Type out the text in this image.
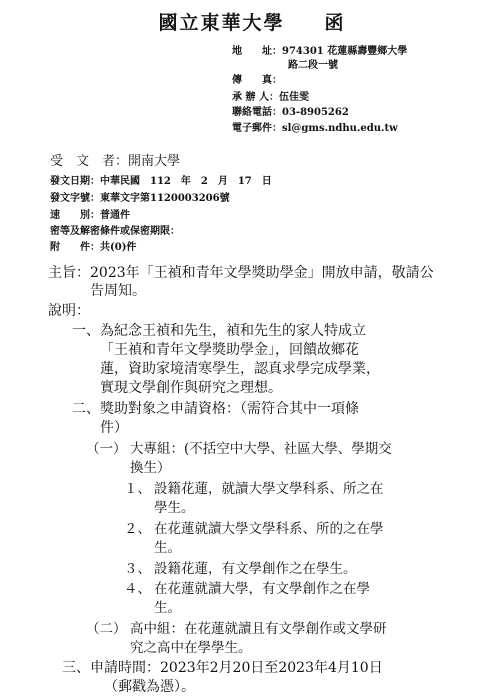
國立東華大學 函
地　　址：974301 花蓮縣壽豐鄉大學
路二段一號
傳　　真：
承 辦 人：伍佳雯
聯絡電話：03-8905262
電子郵件：sl@gms.ndhu.edu.tw
受　文　者：開南大學
發文日期：中華民國　112　年　2　月　17　日
發文字號：東華文字第1120003206號
速　　別：普通件
密等及解密條件或保密期限：
附　　件：共(0)件
主旨： 2023年「王禎和青年文學獎助學金」開放申請，敬請公
告周知。
說明：
一、 為紀念王禎和先生，禎和先生的家人特成立
「王禎和青年文學獎助學金」，回饋故鄉花
蓮，資助家境清寒學生，認真求學完成學業，
實現文學創作與研究之理想。
二、 獎助對象之申請資格：（需符合其中一項條
件）
（一） 大專組：(不括空中大學、社區大學、學期交
換生）
１、 設籍花蓮，就讀大學文學科系、所之在
學生。
２、 在花蓮就讀大學文學科系、所的之在學
生。
３、 設籍花蓮，有文學創作之在學生。
４、 在花蓮就讀大學，有文學創作之在學
生。
（二） 高中組：在花蓮就讀且有文學創作或文學研
究之高中在學學生。
三、 申請時間：2023年2月20日至2023年4月10日
（郵戳為憑）。
